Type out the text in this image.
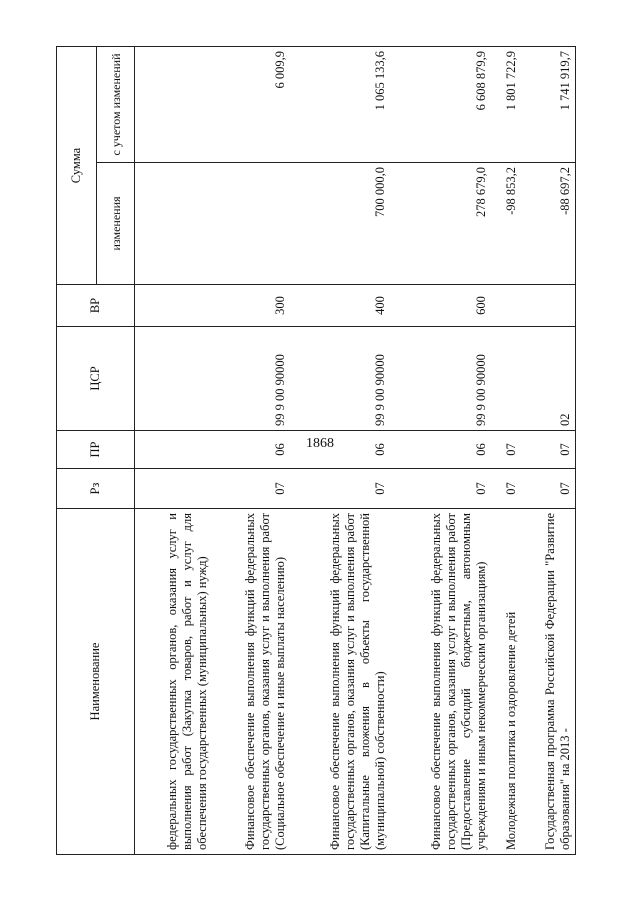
1868
Наименование	Рз	ПР	ЦСР	ВР	Сумма	
					изменения	с учетом изменений
федеральных государственных органов, оказания услуг и выполнения работ (Закупка товаров, работ и услуг для обеспечения государственных (муниципальных) нужд)						
Финансовое обеспечение выполнения функций федеральных государственных органов, оказания услуг и выполнения работ (Социальное обеспечение и иные выплаты населению)	07	06	99 9 00 90000	300		6 009,9
Финансовое обеспечение выполнения функций федеральных государственных органов, оказания услуг и выполнения работ (Капитальные вложения в объекты государственной (муниципальной) собственности)	07	06	99 9 00 90000	400	700 000,0	1 065 133,6
Финансовое обеспечение выполнения функций федеральных государственных органов, оказания услуг и выполнения работ (Предоставление субсидий бюджетным, автономным учреждениям и иным некоммерческим организациям)	07	06	99 9 00 90000	600	278 679,0	6 608 879,9
Молодежная политика и оздоровление детей	07	07			-98 853,2	1 801 722,9
Государственная программа Российской Федерации "Развитие образования" на 2013 -	07	07	02		-88 697,2	1 741 919,7
